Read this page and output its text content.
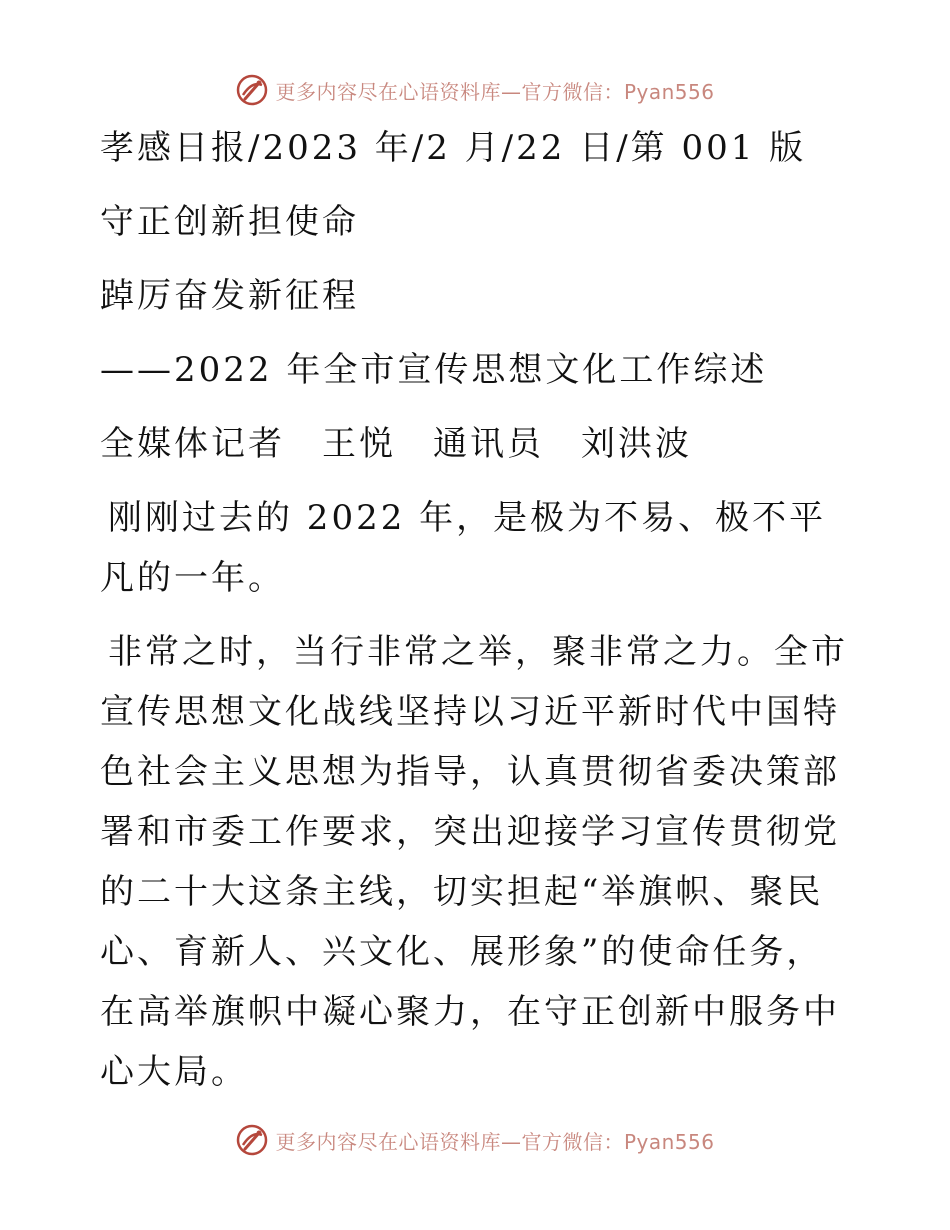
更多内容尽在心语资料库—官方微信：Pyan556

孝感日报/2023 年/2 月/22 日/第 001 版

守正创新担使命

踔厉奋发新征程

——2022 年全市宣传思想文化工作综述

全媒体记者　王悦　通讯员　刘洪波

刚刚过去的 2022 年，是极为不易、极不平凡的一年。

非常之时，当行非常之举，聚非常之力。全市宣传思想文化战线坚持以习近平新时代中国特色社会主义思想为指导，认真贯彻省委决策部署和市委工作要求，突出迎接学习宣传贯彻党的二十大这条主线，切实担起“举旗帜、聚民心、育新人、兴文化、展形象”的使命任务，在高举旗帜中凝心聚力，在守正创新中服务中心大局。

更多内容尽在心语资料库—官方微信：Pyan556
